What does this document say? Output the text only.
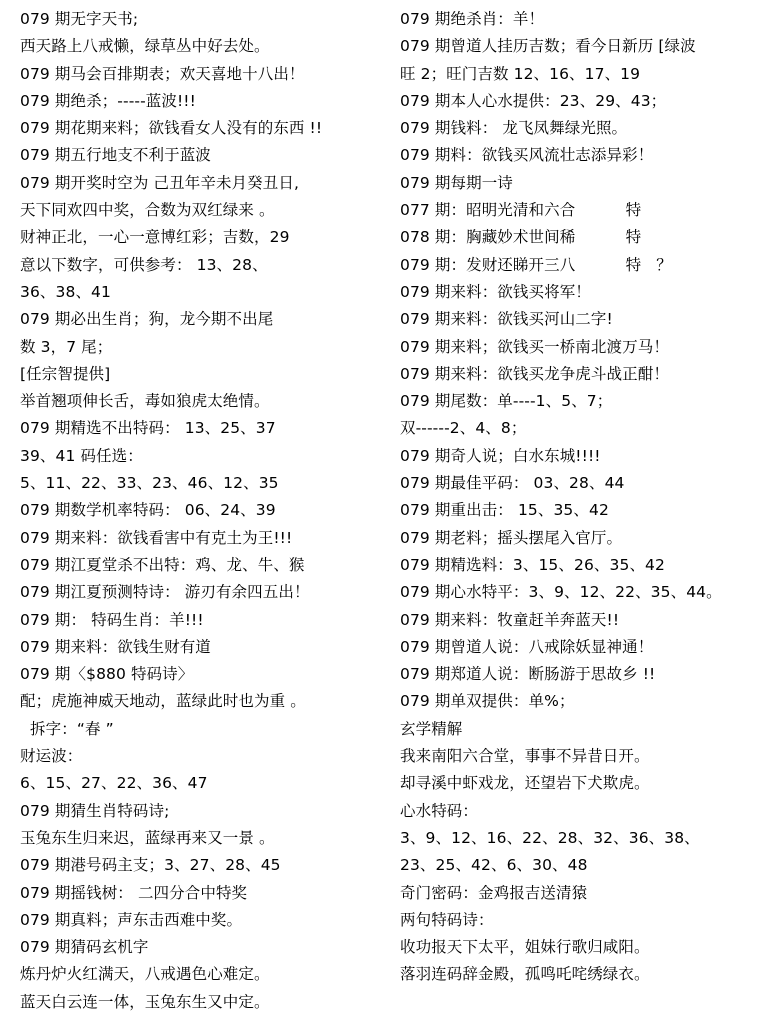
079 期无字天书;
西天路上八戒懒，绿草丛中好去处。
079 期马会百排期表；欢天喜地十八出！
079 期绝杀；-----蓝波!!!
079 期花期来料；欲钱看女人没有的东西 !!
079 期五行地支不利于蓝波
079 期开奖时空为 己丑年辛未月癸丑日,
天下同欢四中奖，合数为双红绿来 。
财神正北，一心一意博红彩；吉数，29
意以下数字，可供参考： 13、28、
36、38、41
079 期必出生肖；狗，龙今期不出尾
数 3，7 尾；
[任宗智提供]
举首翘项伸长舌，毒如狼虎太绝情。
079 期精选不出特码： 13、25、37
39、41 码任选：
5、11、22、33、23、46、12、35
079 期数学机率特码： 06、24、39
079 期来料：欲钱看害中有克土为王!!!
079 期江夏堂杀不出特：鸡、龙、牛、猴
079 期江夏预测特诗： 游刃有余四五出！
079 期： 特码生肖：羊!!!
079 期来料：欲钱生财有道
079 期〈$880 特码诗〉
配；虎施神威天地动，蓝绿此时也为重 。
拆字：“春 ”
财运波：
6、15、27、22、36、47
079 期猜生肖特码诗;
玉兔东生归来迟，蓝绿再来又一景 。
079 期港号码主支；3、27、28、45
079 期摇钱树： 二四分合中特奖
079 期真料；声东击西难中奖。
079 期猜码玄机字
炼丹炉火红满天，八戒遇色心难定。
蓝天白云连一体，玉兔东生又中定。
079 期绝杀肖：羊！
079 期曾道人挂历吉数；看今日新历 [绿波
旺 2；旺门吉数 12、16、17、19
079 期本人心水提供：23、29、43；
079 期钱料： 龙飞凤舞绿光照。
079 期料：欲钱买风流壮志添异彩！
079 期每期一诗
077 期：昭明光清和六合          特
078 期：胸藏妙术世间稀          特
079 期：发财还睇开三八          特   ？
079 期来料：欲钱买将军！
079 期来料：欲钱买河山二字!
079 期来料；欲钱买一桥南北渡万马！
079 期来料：欲钱买龙争虎斗战正酣！
079 期尾数：单----1、5、7；
双------2、4、8；
079 期奇人说；白水东城!!!!
079 期最佳平码： 03、28、44
079 期重出击： 15、35、42
079 期老料；摇头摆尾入官厅。
079 期精选料：3、15、26、35、42
079 期心水特平：3、9、12、22、35、44。
079 期来料：牧童赶羊奔蓝天!!
079 期曾道人说：八戒除妖显神通！
079 期郑道人说：断肠游于思故乡 !!
079 期单双提供：单%；
玄学精解
我来南阳六合堂，事事不异昔日开。
却寻溪中虾戏龙，还望岩下犬欺虎。
心水特码：
3、9、12、16、22、28、32、36、38、
23、25、42、6、30、48
奇门密码：金鸡报吉送清猿
两句特码诗：
收功报天下太平，姐妹行歌归咸阳。
落羽连码辞金殿，孤鸣吒咤绣绿衣。
